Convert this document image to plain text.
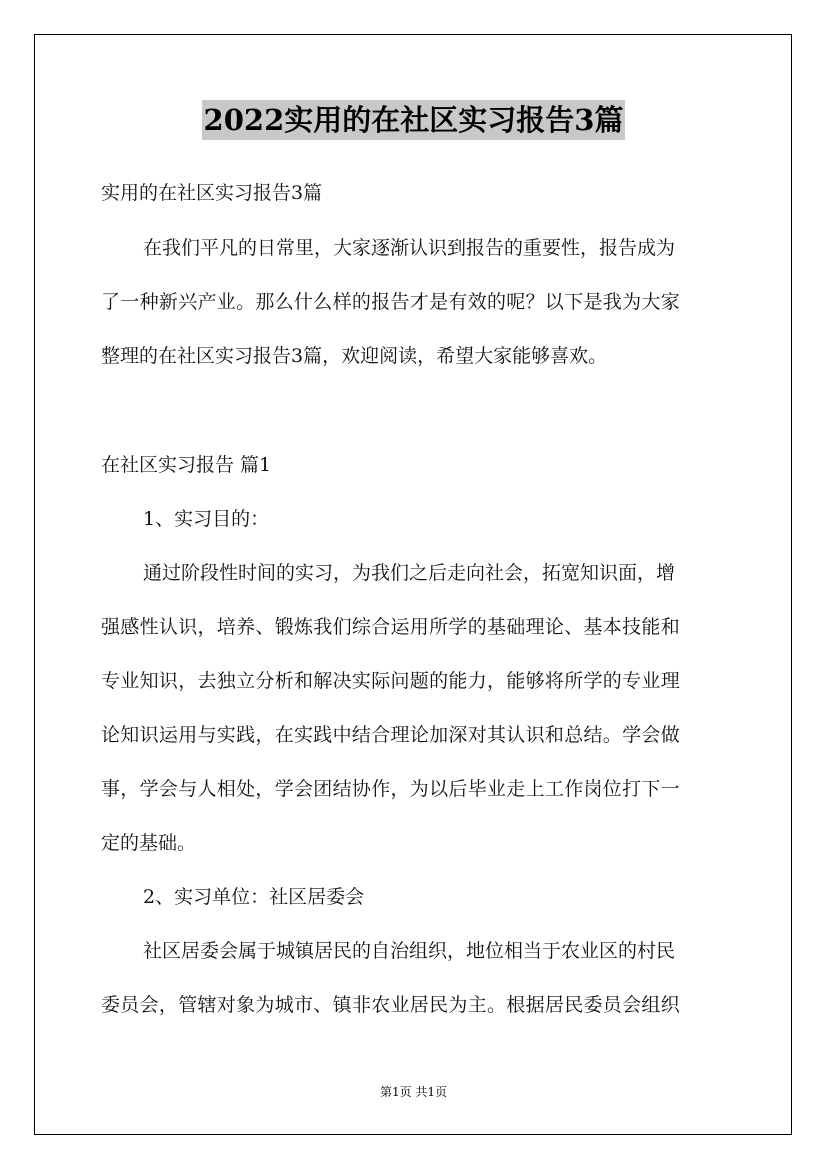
2022实用的在社区实习报告3篇
实用的在社区实习报告3篇
在我们平凡的日常里，大家逐渐认识到报告的重要性，报告成为
了一种新兴产业。那么什么样的报告才是有效的呢？以下是我为大家
整理的在社区实习报告3篇，欢迎阅读，希望大家能够喜欢。
在社区实习报告 篇1
1、实习目的：
通过阶段性时间的实习，为我们之后走向社会，拓宽知识面，增
强感性认识，培养、锻炼我们综合运用所学的基础理论、基本技能和
专业知识，去独立分析和解决实际问题的能力，能够将所学的专业理
论知识运用与实践，在实践中结合理论加深对其认识和总结。学会做
事，学会与人相处，学会团结协作，为以后毕业走上工作岗位打下一
定的基础。
2、实习单位：社区居委会
社区居委会属于城镇居民的自治组织，地位相当于农业区的村民
委员会，管辖对象为城市、镇非农业居民为主。根据居民委员会组织
第1页 共1页
